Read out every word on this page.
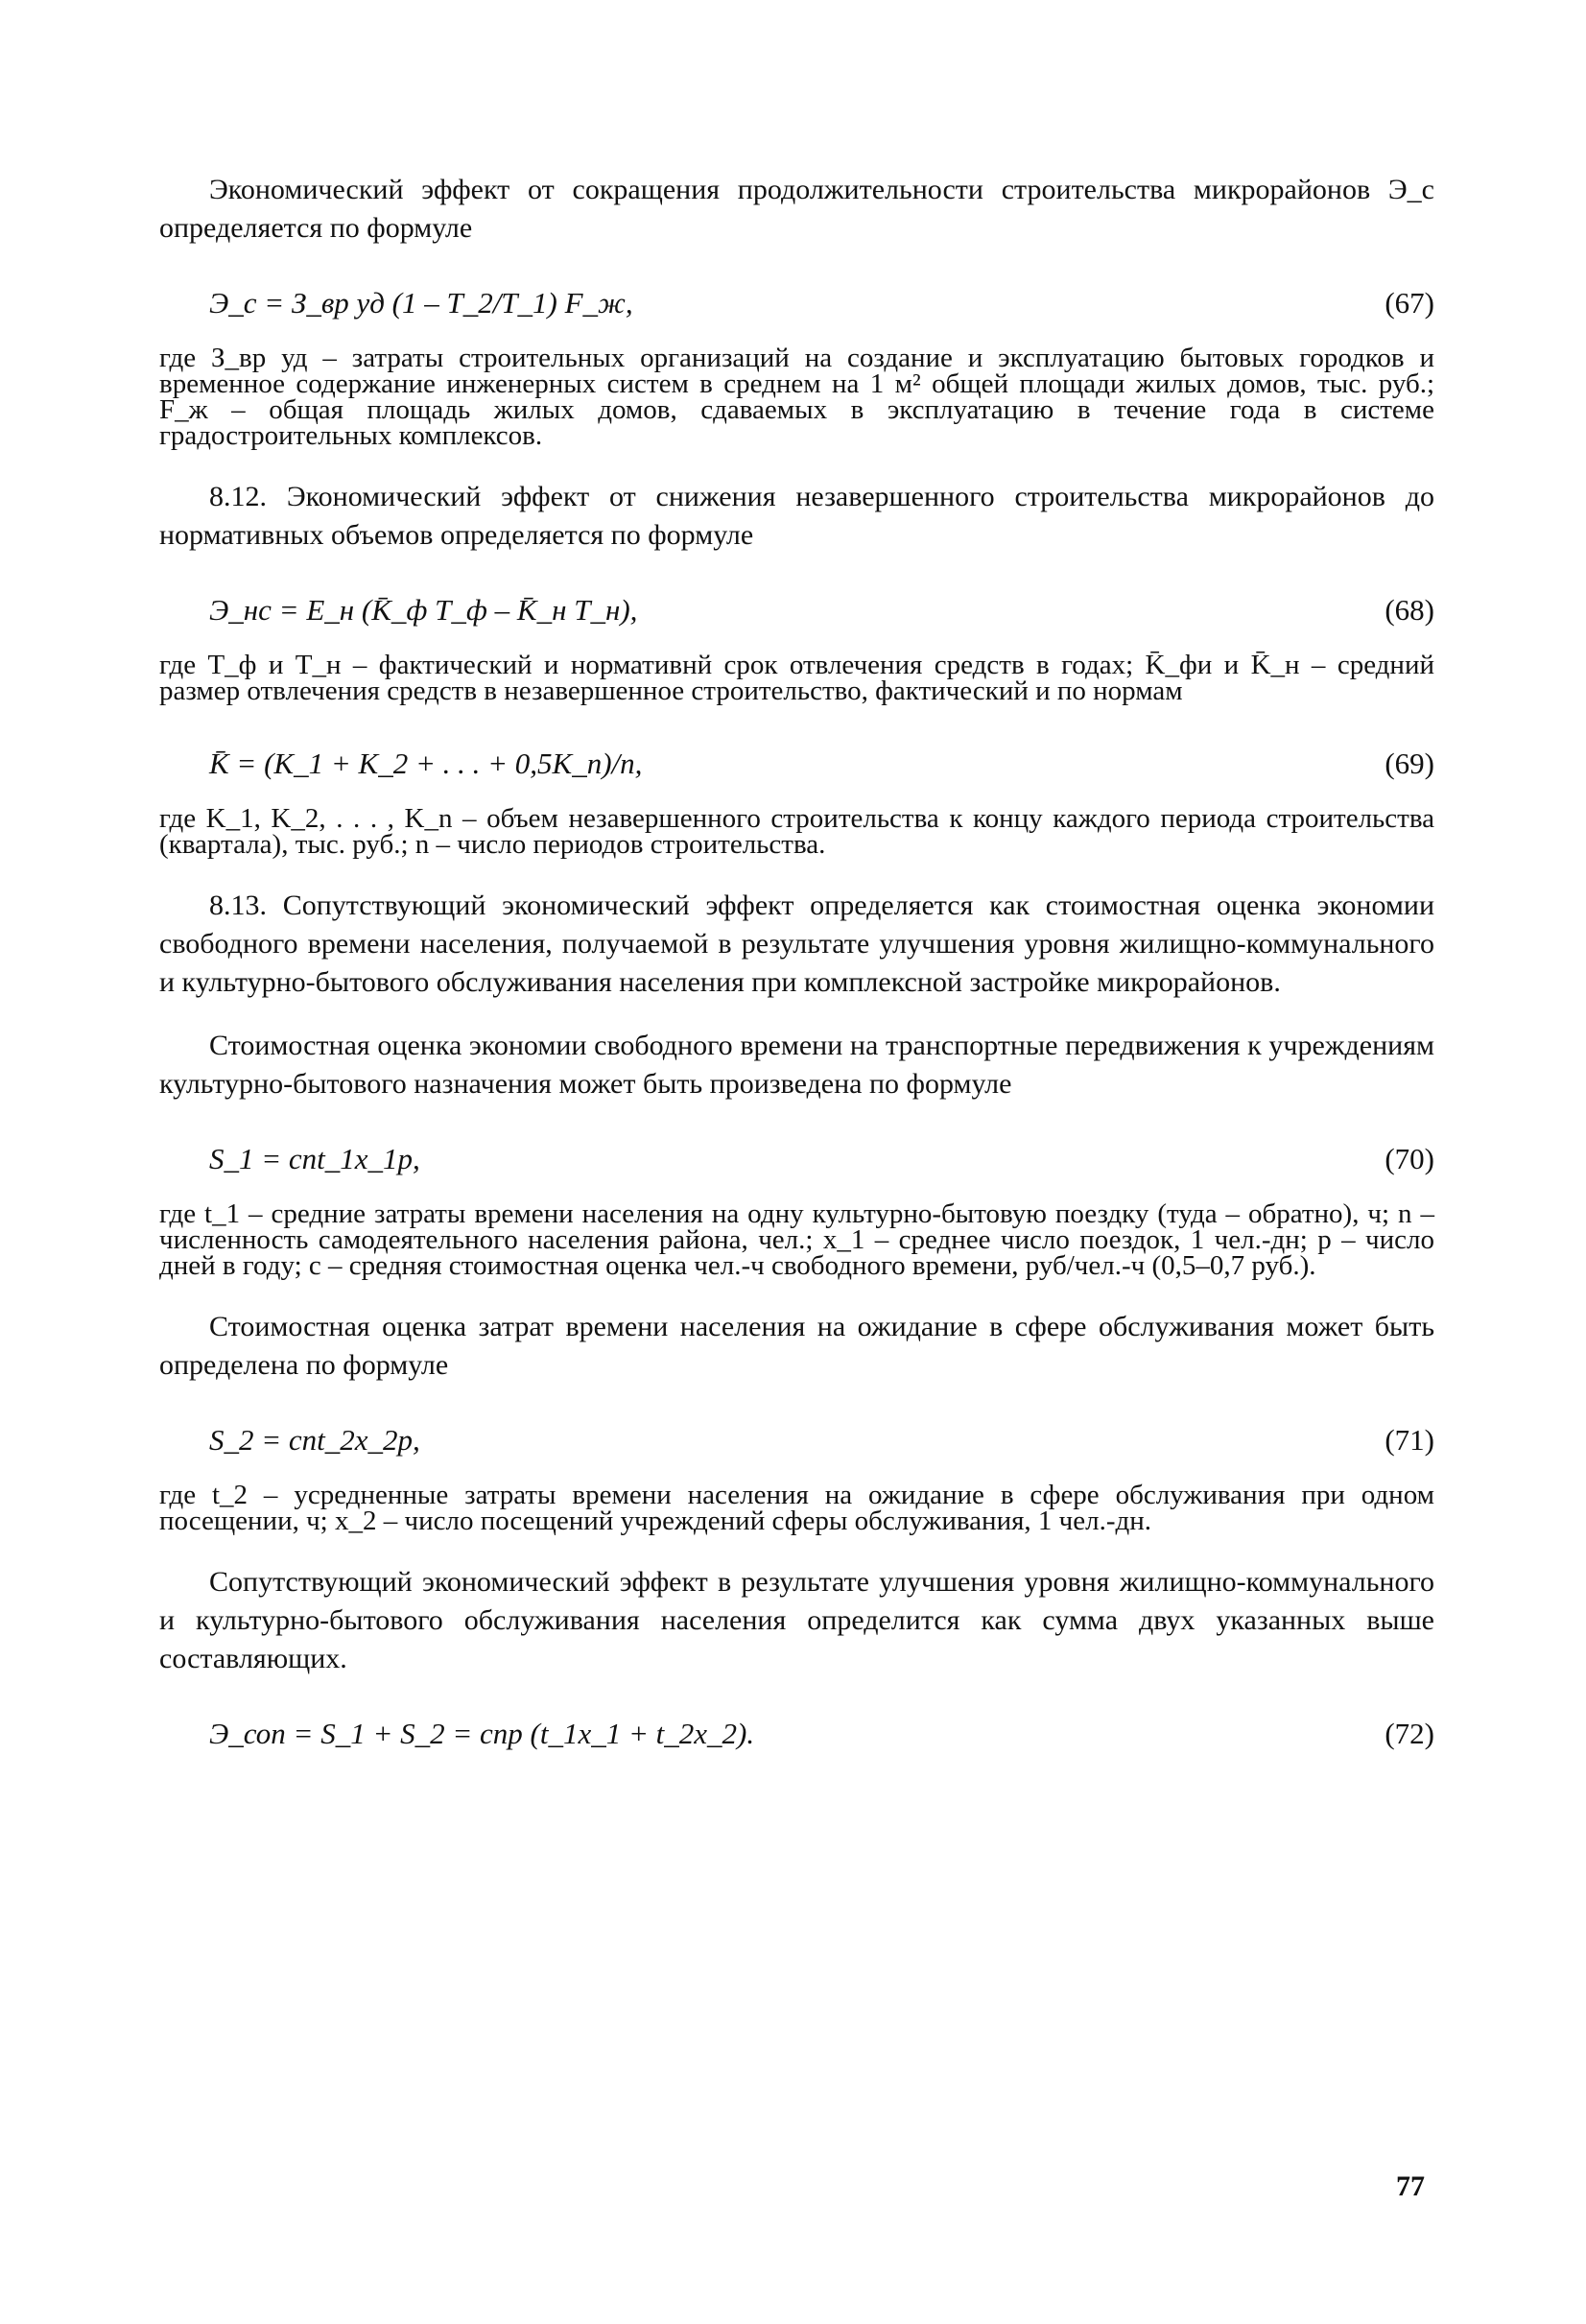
Экономический эффект от сокращения продолжительности строительства микрорайонов Э_с определяется по формуле

Э_с = З_вр уд (1 – T_2/T_1) F_ж,	(67)

где З_вр уд – затраты строительных организаций на создание и эксплуатацию бытовых городков и временное содержание инженерных систем в среднем на 1 м² общей площади жилых домов, тыс. руб.; F_ж – общая площадь жилых домов, сдаваемых в эксплуатацию в течение года в системе градостроительных комплексов.

8.12. Экономический эффект от снижения незавершенного строительства микрорайонов до нормативных объемов определяется по формуле

Э_нс = E_н (K̄_ф T_ф – K̄_н T_н),	(68)

где T_ф и T_н – фактический и нормативнй срок отвлечения средств в годах; K̄_фи и K̄_н – средний размер отвлечения средств в незавершенное строительство, фактический и по нормам

K̄ = (K_1 + K_2 + . . . + 0,5K_n)/n,	(69)

где K_1, K_2, . . . , K_n – объем незавершенного строительства к концу каждого периода строительства (квартала), тыс. руб.; n – число периодов строительства.

8.13. Сопутствующий экономический эффект определяется как стоимостная оценка экономии свободного времени населения, получаемой в результате улучшения уровня жилищно-коммунального и культурно-бытового обслуживания населения при комплексной застройке микрорайонов.

Стоимостная оценка экономии свободного времени на транспортные передвижения к учреждениям культурно-бытового назначения может быть произведена по формуле

S_1 = cnt_1x_1p,	(70)

где t_1 – средние затраты времени населения на одну культурно-бытовую поездку (туда – обратно), ч; n – численность самодеятельного населения района, чел.; x_1 – среднее число поездок, 1 чел.-дн; p – число дней в году; c – средняя стоимостная оценка чел.-ч свободного времени, руб/чел.-ч (0,5–0,7 руб.).

Стоимостная оценка затрат времени населения на ожидание в сфере обслуживания может быть определена по формуле

S_2 = cnt_2x_2p,	(71)

где t_2 – усредненные затраты времени населения на ожидание в сфере обслуживания при одном посещении, ч; x_2 – число посещений учреждений сферы обслуживания, 1 чел.-дн.

Сопутствующий экономический эффект в результате улучшения уровня жилищно-коммунального и культурно-бытового обслуживания населения определится как сумма двух указанных выше составляющих.

Э_соп = S_1 + S_2 = cnp (t_1x_1 + t_2x_2).	(72)
77
